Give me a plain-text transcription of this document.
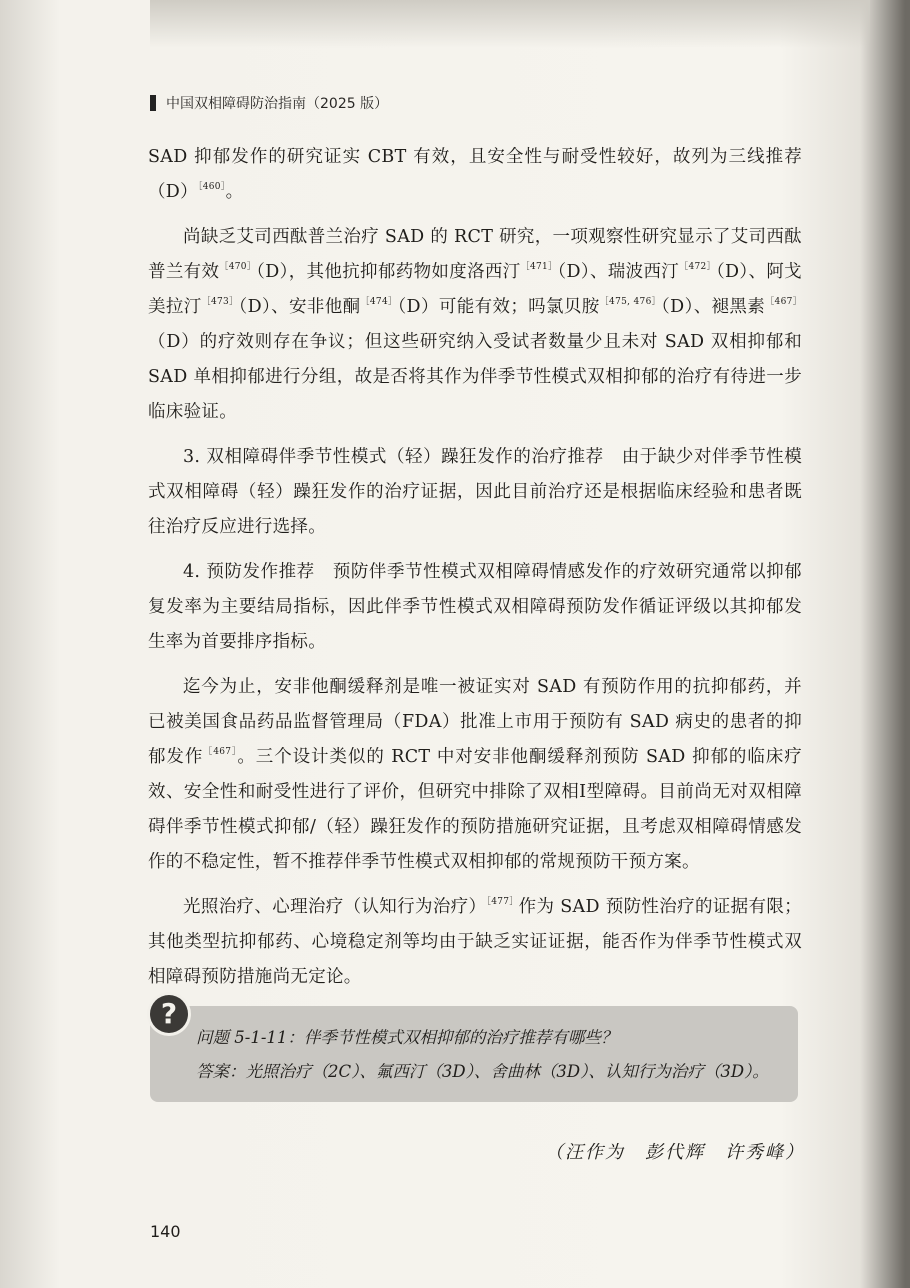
中国双相障碍防治指南（2025 版）

SAD 抑郁发作的研究证实 CBT 有效，且安全性与耐受性较好，故列为三线推荐$(D)^{[460]}$。

尚缺乏艾司西酞普兰治疗 SAD 的 RCT 研究，一项观察性研究显示了艾司西酞普兰有效$^{[470]}$（D），其他抗抑郁药物如度洛西汀$^{[471]}$（D）、瑞波西汀$^{[472]}$（D）、阿戈美拉汀$^{[473]}$（D）、安非他酮$^{[474]}$（D）可能有效；吗氯贝胺$^{[475, 476]}$（D）、褪黑素$^{[467]}$（D）的疗效则存在争议；但这些研究纳入受试者数量少且未对 SAD 双相抑郁和 SAD 单相抑郁进行分组，故是否将其作为伴季节性模式双相抑郁的治疗有待进一步临床验证。

3. 双相障碍伴季节性模式（轻）躁狂发作的治疗推荐　 由于缺少对伴季节性模式双相障碍（轻）躁狂发作的治疗证据，因此目前治疗还是根据临床经验和患者既往治疗反应进行选择。

4. 预防发作推荐　 预防伴季节性模式双相障碍情感发作的疗效研究通常以抑郁复发率为主要结局指标，因此伴季节性模式双相障碍预防发作循证评级以其抑郁发生率为首要排序指标。

迄今为止，安非他酮缓释剂是唯一被证实对 SAD 有预防作用的抗抑郁药，并已被美国食品药品监督管理局（FDA）批准上市用于预防有 SAD 病史的患者的抑郁发作$^{[467]}$。三个设计类似的 RCT 中对安非他酮缓释剂预防 SAD 抑郁的临床疗效、安全性和耐受性进行了评价，但研究中排除了双相Ⅰ型障碍。目前尚无对双相障碍伴季节性模式抑郁/（轻）躁狂发作的预防措施研究证据，且考虑双相障碍情感发作的不稳定性，暂不推荐伴季节性模式双相抑郁的常规预防干预方案。

光照治疗、心理治疗（认知行为治疗）$^{[477]}$作为 SAD 预防性治疗的证据有限；其他类型抗抑郁药、心境稳定剂等均由于缺乏实证证据，能否作为伴季节性模式双相障碍预防措施尚无定论。

?
问题 5-1-11：伴季节性模式双相抑郁的治疗推荐有哪些？
答案：光照治疗（2C）、氟西汀（3D）、舍曲林（3D）、认知行为治疗（3D）。
（汪作为　彭代辉　许秀峰）
140
